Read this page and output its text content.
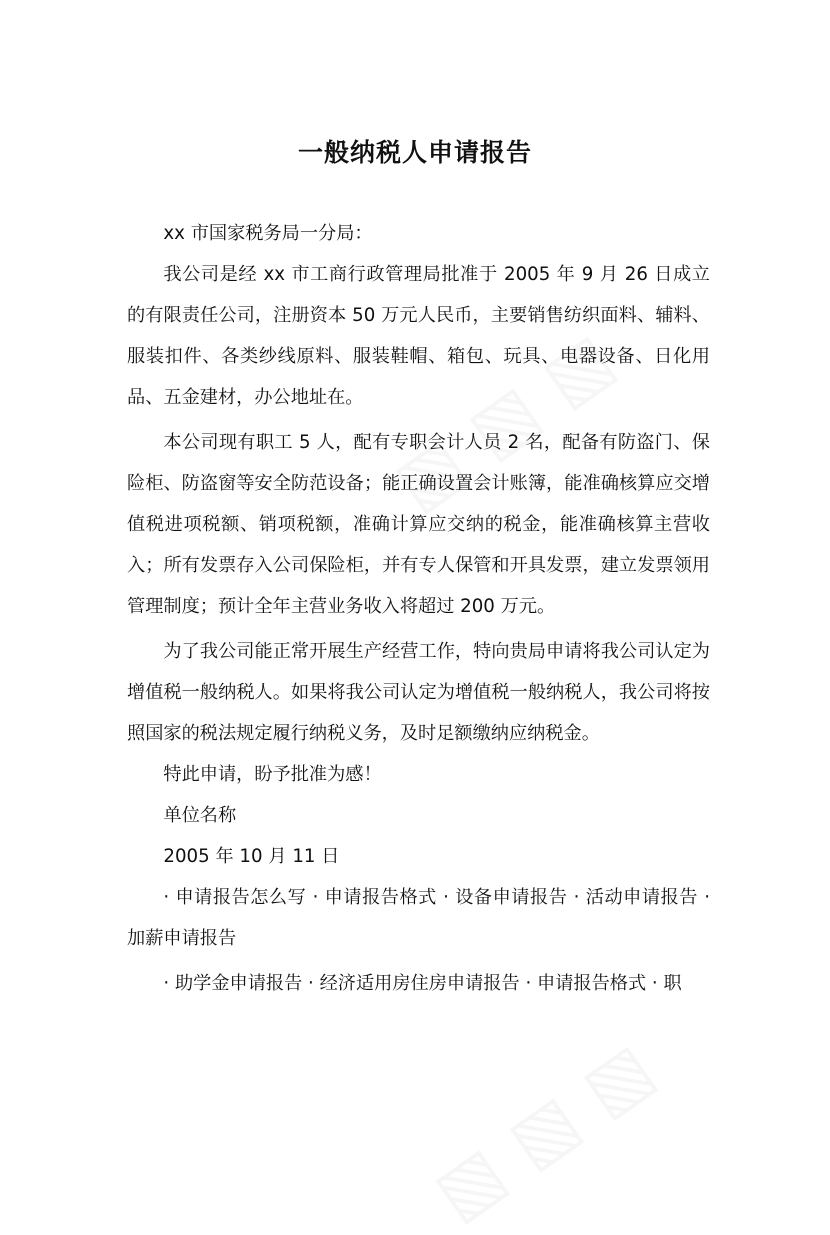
一般纳税人申请报告

xx 市国家税务局一分局：

我公司是经 xx 市工商行政管理局批准于 2005 年 9 月 26 日成立的有限责任公司，注册资本 50 万元人民币，主要销售纺织面料、辅料、服装扣件、各类纱线原料、服装鞋帽、箱包、玩具、电器设备、日化用品、五金建材，办公地址在。

本公司现有职工 5 人，配有专职会计人员 2 名，配备有防盗门、保险柜、防盗窗等安全防范设备；能正确设置会计账簿，能准确核算应交增值税进项税额、销项税额，准确计算应交纳的税金，能准确核算主营收入；所有发票存入公司保险柜，并有专人保管和开具发票，建立发票领用管理制度；预计全年主营业务收入将超过 200 万元。

为了我公司能正常开展生产经营工作，特向贵局申请将我公司认定为增值税一般纳税人。如果将我公司认定为增值税一般纳税人，我公司将按照国家的税法规定履行纳税义务，及时足额缴纳应纳税金。

特此申请，盼予批准为感！

单位名称

2005 年 10 月 11 日

· 申请报告怎么写 · 申请报告格式 · 设备申请报告 · 活动申请报告 · 加薪申请报告

· 助学金申请报告 · 经济适用房住房申请报告 · 申请报告格式 · 职
